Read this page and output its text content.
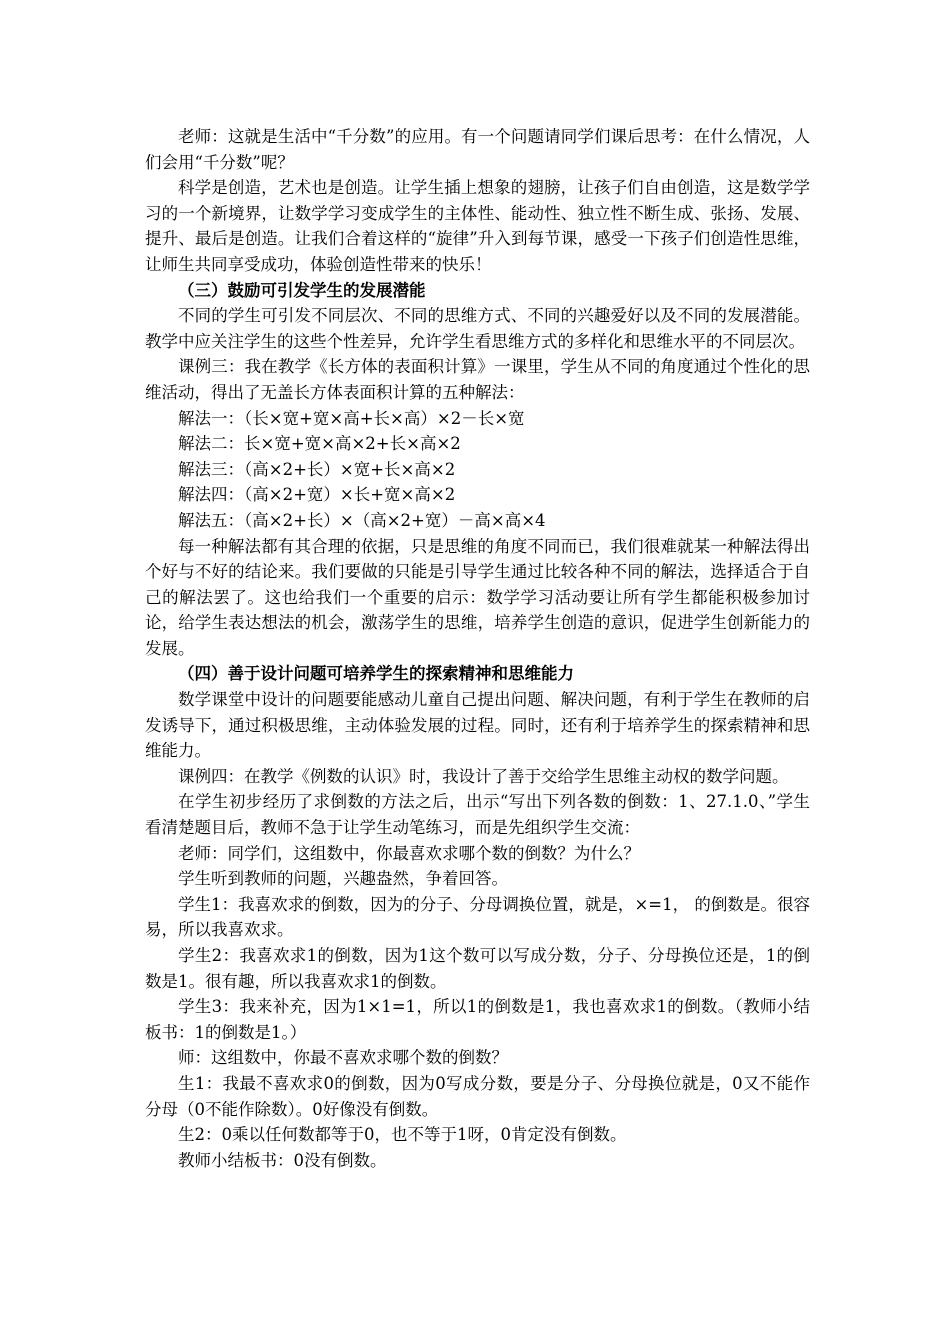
老师：这就是生活中“千分数”的应用。有一个问题请同学们课后思考：在什么情况，人们会用“千分数”呢？

科学是创造，艺术也是创造。让学生插上想象的翅膀，让孩子们自由创造，这是数学学习的一个新境界，让数学学习变成学生的主体性、能动性、独立性不断生成、张扬、发展、提升、最后是创造。让我们合着这样的“旋律”升入到每节课，感受一下孩子们创造性思维，让师生共同享受成功，体验创造性带来的快乐！

（三）鼓励可引发学生的发展潜能

不同的学生可引发不同层次、不同的思维方式、不同的兴趣爱好以及不同的发展潜能。教学中应关注学生的这些个性差异，允许学生看思维方式的多样化和思维水平的不同层次。

课例三：我在教学《长方体的表面积计算》一课里，学生从不同的角度通过个性化的思维活动，得出了无盖长方体表面积计算的五种解法：

解法一：（长×宽+宽×高+长×高）×2－长×宽

解法二：长×宽+宽×高×2+长×高×2

解法三：（高×2+长）×宽+长×高×2

解法四：（高×2+宽）×长+宽×高×2

解法五：（高×2+长）×（高×2+宽）－高×高×4

每一种解法都有其合理的依据，只是思维的角度不同而已，我们很难就某一种解法得出个好与不好的结论来。我们要做的只能是引导学生通过比较各种不同的解法，选择适合于自己的解法罢了。这也给我们一个重要的启示：数学学习活动要让所有学生都能积极参加讨论，给学生表达想法的机会，激荡学生的思维，培养学生创造的意识，促进学生创新能力的发展。

（四）善于设计问题可培养学生的探索精神和思维能力

数学课堂中设计的问题要能感动儿童自己提出问题、解决问题，有利于学生在教师的启发诱导下，通过积极思维，主动体验发展的过程。同时，还有利于培养学生的探索精神和思维能力。

课例四：在教学《例数的认识》时，我设计了善于交给学生思维主动权的数学问题。

在学生初步经历了求倒数的方法之后，出示“写出下列各数的倒数：1、27.1.0、”学生看清楚题目后，教师不急于让学生动笔练习，而是先组织学生交流：

老师：同学们，这组数中，你最喜欢求哪个数的倒数？为什么？

学生听到教师的问题，兴趣盎然，争着回答。

学生1：我喜欢求的倒数，因为的分子、分母调换位置，就是，×=1， 的倒数是。很容易，所以我喜欢求。

学生2：我喜欢求1的倒数，因为1这个数可以写成分数，分子、分母换位还是，1的倒数是1。很有趣，所以我喜欢求1的倒数。

学生3：我来补充，因为1×1=1，所以1的倒数是1，我也喜欢求1的倒数。（教师小结板书：1的倒数是1。）

师：这组数中，你最不喜欢求哪个数的倒数？

生1：我最不喜欢求0的倒数，因为0写成分数，要是分子、分母换位就是，0又不能作分母（0不能作除数）。0好像没有倒数。

生2：0乘以任何数都等于0，也不等于1呀，0肯定没有倒数。

教师小结板书：0没有倒数。
